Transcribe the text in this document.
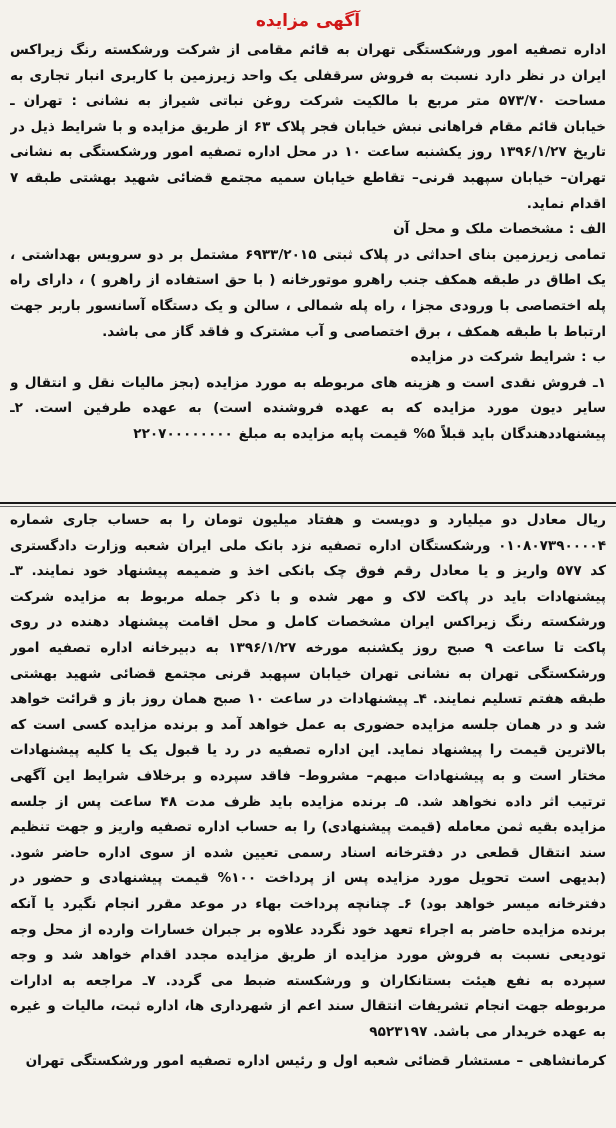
آگهی مزایده

اداره تصفیه امور ورشکستگی تهران به قائم مقامی از شرکت ورشکسته رنگ زیراکس ایران در نظر دارد نسبت به فروش سرقفلی یک واحد زیرزمین با کاربری انبار تجاری به مساحت ۵۷۳/۷۰ متر مربع با مالکیت شرکت روغن نباتی شیراز به نشانی : تهران ـ خیابان قائم مقام فراهانی نبش خیابان فجر پلاک ۶۳ از طریق مزایده و با شرایط ذیل در تاریخ ۱۳۹۶/۱/۲۷ روز یکشنبه ساعت ۱۰ در محل اداره تصفیه امور ورشکستگی به نشانی تهران– خیابان سپهبد قرنی– تقاطع خیابان سمیه مجتمع قضائی شهید بهشتی طبقه ۷ اقدام نماید.

الف : مشخصات ملک و محل آن

تمامی زیرزمین بنای احداثی در پلاک ثبتی ۶۹۳۳/۲۰۱۵ مشتمل بر دو سرویس بهداشتی ، یک اطاق در طبقه همکف جنب راهرو موتورخانه ( با حق استفاده از راهرو ) ، دارای راه پله اختصاصی با ورودی مجزا ، راه پله شمالی ، سالن و یک دستگاه آسانسور باربر جهت ارتباط با طبقه همکف ، برق اختصاصی و آب مشترک و فاقد گاز می باشد.

ب : شرایط شرکت در مزایده

۱ـ فروش نقدی است و هزینه های مربوطه به مورد مزایده (بجز مالیات نقل و انتقال و سایر دیون مورد مزایده که به عهده فروشنده است) به عهده طرفین است. ۲ـ پیشنهاددهندگان باید قبلاً ۵% قیمت پایه مزایده به مبلغ ۲۲۰۷۰۰۰۰۰۰۰۰

ریال معادل دو میلیارد و دویست و هفتاد میلیون تومان را به حساب جاری شماره ۰۱۰۸۰۷۳۹۰۰۰۰۴ ورشکستگان اداره تصفیه نزد بانک ملی ایران شعبه وزارت دادگستری کد ۵۷۷ واریز و یا معادل رقم فوق چک بانکی اخذ و ضمیمه پیشنهاد خود نمایند. ۳ـ پیشنهادات باید در پاکت لاک و مهر شده و با ذکر جمله مربوط به مزایده شرکت ورشکسته رنگ زیراکس ایران مشخصات کامل و محل اقامت پیشنهاد دهنده در روی پاکت تا ساعت ۹ صبح روز یکشنبه مورخه ۱۳۹۶/۱/۲۷ به دبیرخانه اداره تصفیه امور ورشکستگی تهران به نشانی تهران خیابان سپهبد قرنی مجتمع قضائی شهید بهشتی طبقه هفتم تسلیم نمایند. ۴ـ پیشنهادات در ساعت ۱۰ صبح همان روز باز و قرائت خواهد شد و در همان جلسه مزایده حضوری به عمل خواهد آمد و برنده مزایده کسی است که بالاترین قیمت را پیشنهاد نماید. این اداره تصفیه در رد یا قبول یک یا کلیه پیشنهادات مختار است و به پیشنهادات مبهم– مشروط– فاقد سپرده و برخلاف شرایط این آگهی ترتیب اثر داده نخواهد شد. ۵ـ برنده مزایده باید ظرف مدت ۴۸ ساعت پس از جلسه مزایده بقیه ثمن معامله (قیمت پیشنهادی) را به حساب اداره تصفیه واریز و جهت تنظیم سند انتقال قطعی در دفترخانه اسناد رسمی تعیین شده از سوی اداره حاضر شود. (بدیهی است تحویل مورد مزایده پس از پرداخت ۱۰۰% قیمت پیشنهادی و حضور در دفترخانه میسر خواهد بود) ۶ـ چنانچه پرداخت بهاء در موعد مقرر انجام نگیرد یا آنکه برنده مزایده حاضر به اجراء تعهد خود نگردد علاوه بر جبران خسارات وارده از محل وجه تودیعی نسبت به فروش مورد مزایده از طریق مزایده مجدد اقدام خواهد شد و وجه سپرده به نفع هیئت بستانکاران و ورشکسته ضبط می گردد. ۷ـ مراجعه به ادارات مربوطه جهت انجام تشریفات انتقال سند اعم از شهرداری ها، اداره ثبت، مالیات و غیره به عهده خریدار می باشد. ۹۵۲۳۱۹۷

کرمانشاهی – مستشار قضائی شعبه اول و رئیس اداره تصفیه امور ورشکستگی تهران
